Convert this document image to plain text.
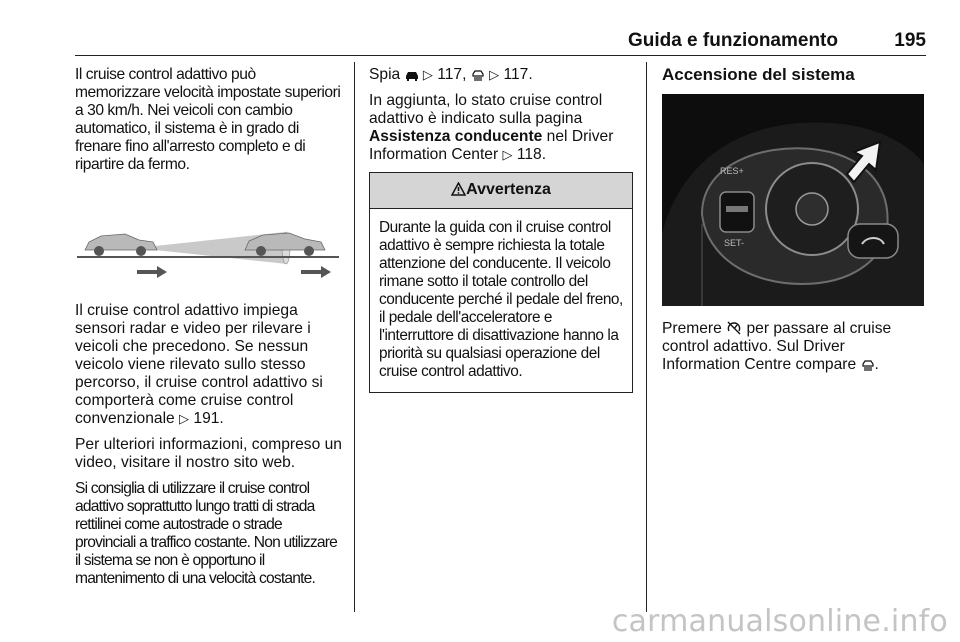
Guida e funzionamento	195

Il cruise control adattivo può memorizzare velocità impostate superiori a 30 km/h. Nei veicoli con cambio automatico, il sistema è in grado di frenare fino all'arresto completo e di ripartire da fermo.

Il cruise control adattivo impiega sensori radar e video per rilevare i veicoli che precedono. Se nessun veicolo viene rilevato sullo stesso percorso, il cruise control adattivo si comporterà come cruise control convenzionale ▷ 191.

Per ulteriori informazioni, compreso un video, visitare il nostro sito web.

Si consiglia di utilizzare il cruise control adattivo soprattutto lungo tratti di strada rettilinei come autostrade o strade provinciali a traffico costante. Non utilizzare il sistema se non è opportuno il mantenimento di una velocità costante.

Spia ▷ 117,  ▷ 117.

In aggiunta, lo stato cruise control adattivo è indicato sulla pagina Assistenza conducente nel Driver Information Center ▷ 118.

Avvertenza
Durante la guida con il cruise control adattivo è sempre richiesta la totale attenzione del conducente. Il veicolo rimane sotto il totale controllo del conducente perché il pedale del freno, il pedale dell'acceleratore e l'interruttore di disattivazione hanno la priorità su qualsiasi operazione del cruise control adattivo.
Accensione del sistema
RES+
SET-

Premere per passare al cruise control adattivo. Sul Driver Information Centre compare .

carmanualsonline.info
